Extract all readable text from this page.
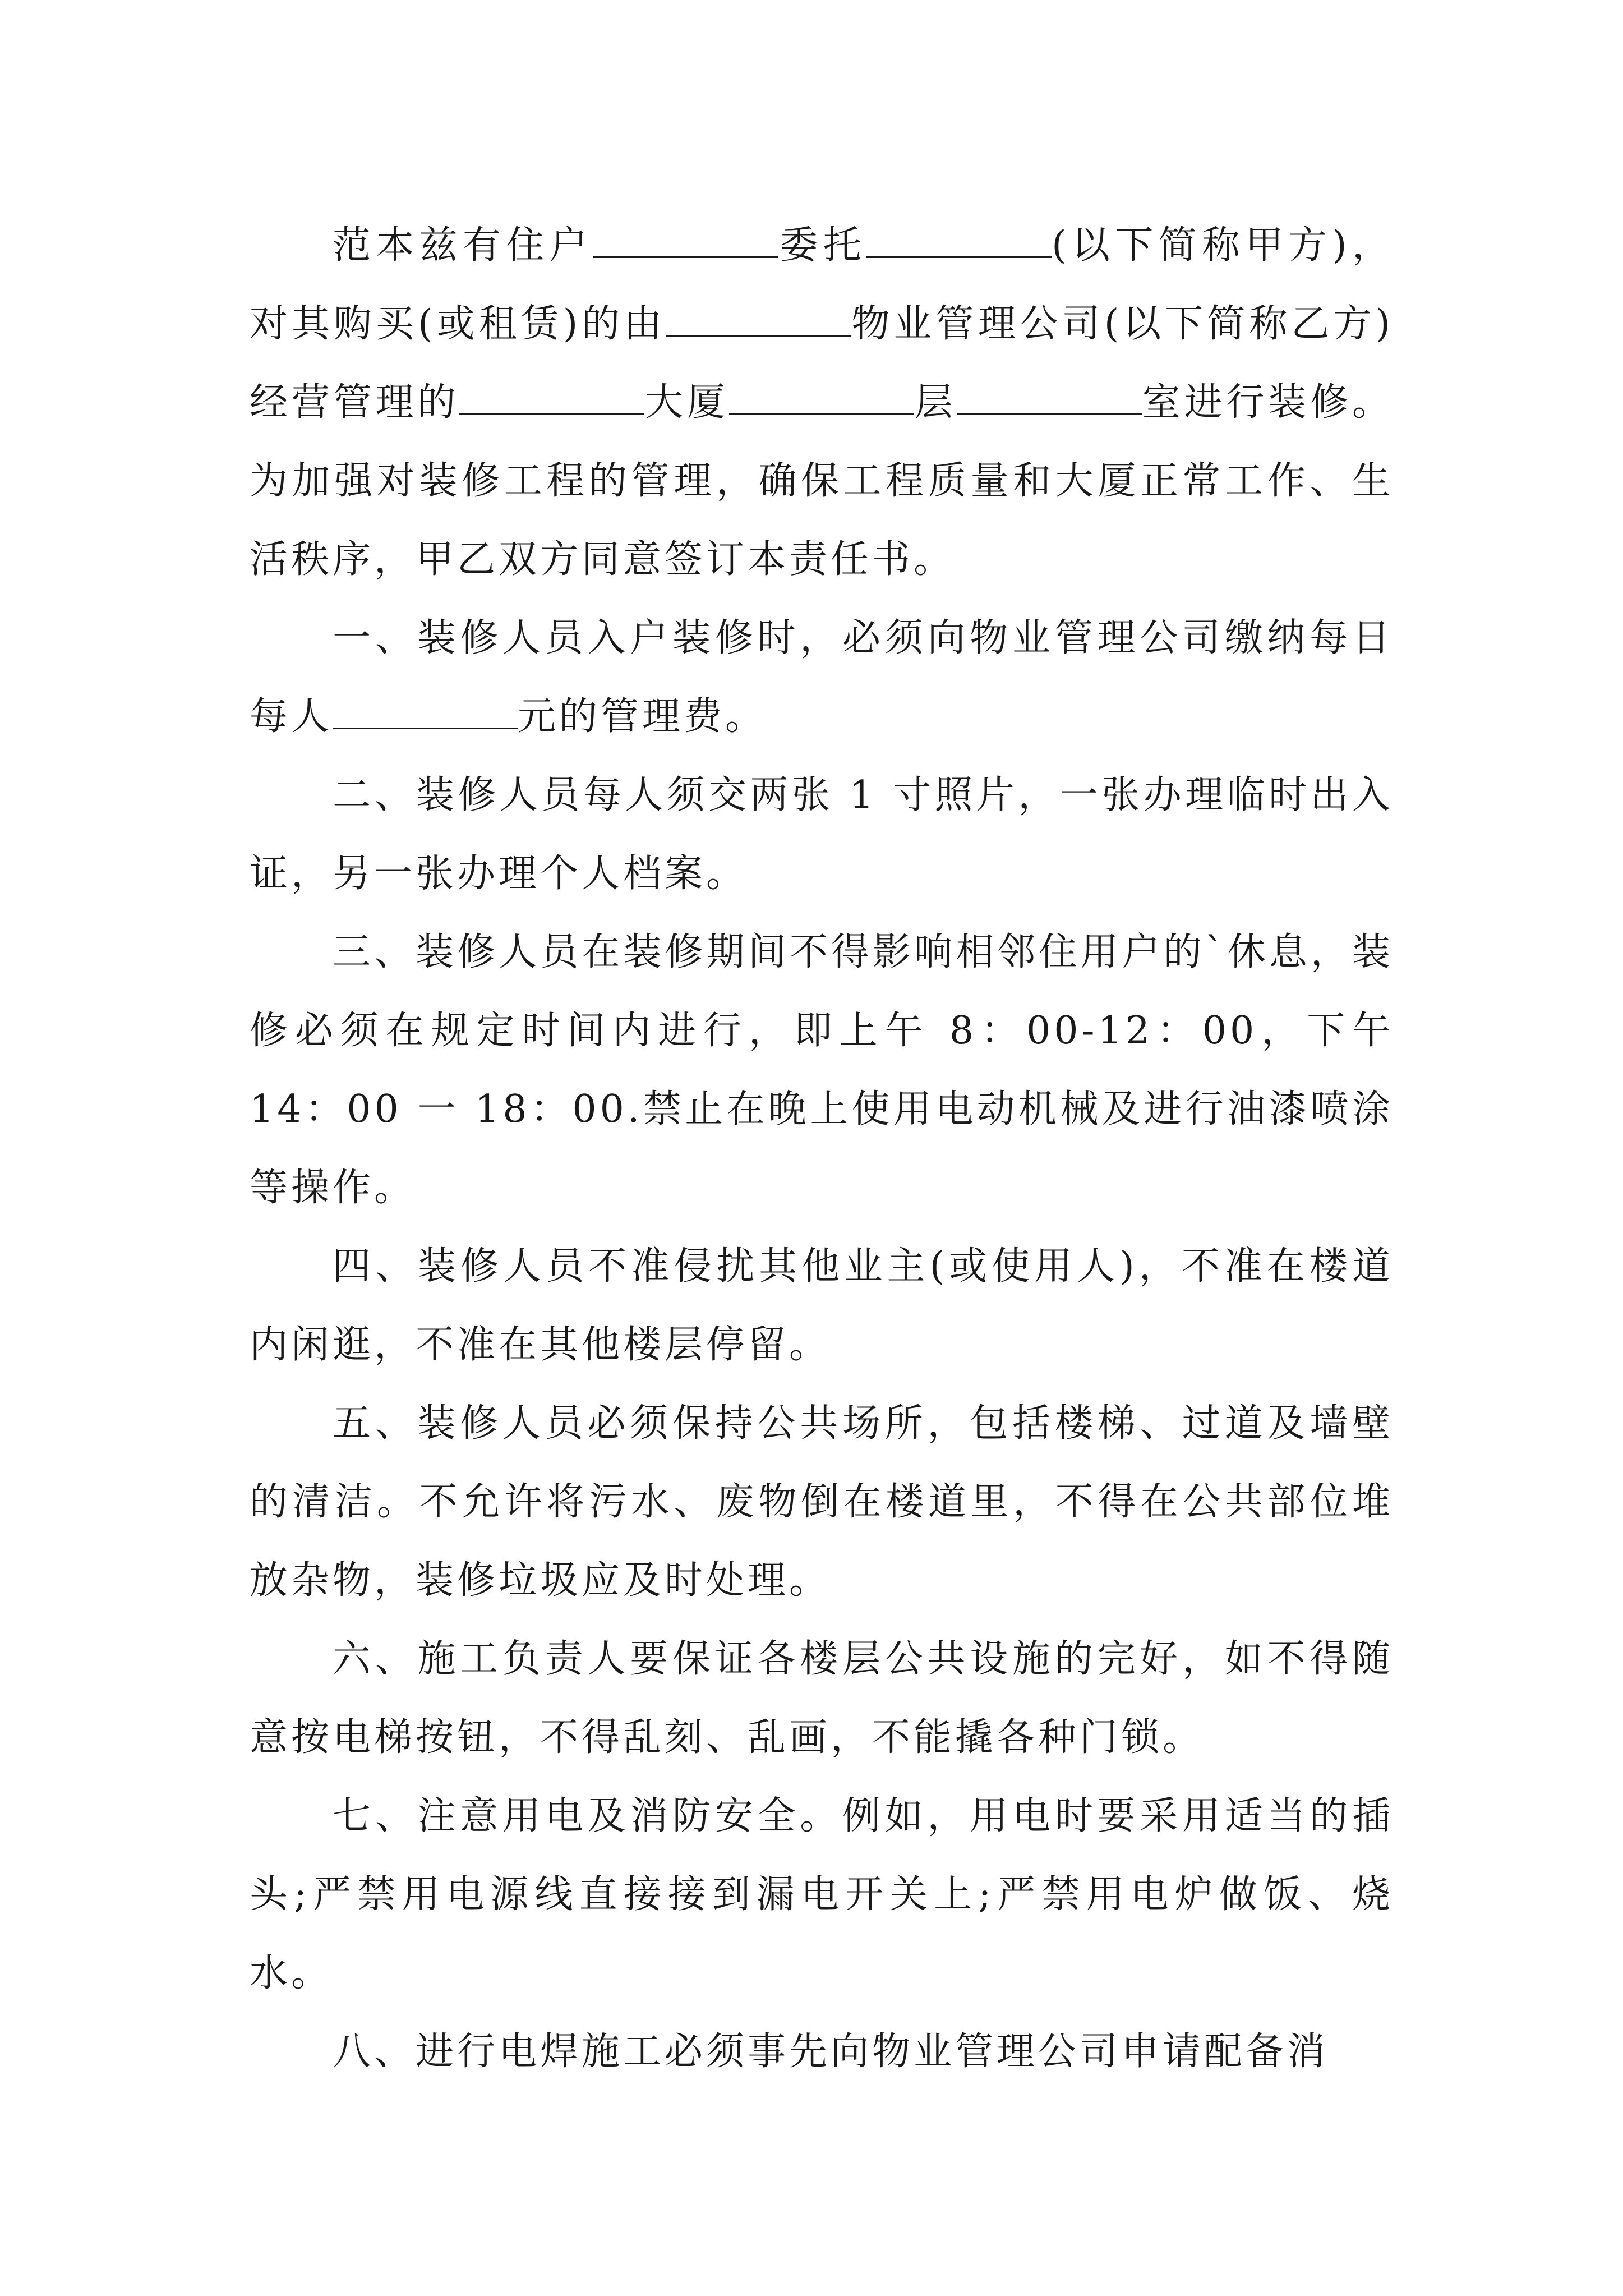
范本兹有住户	委托	(以下简称甲方)，对其购买(或租赁)的由	物业管理公司(以下简称乙方)经营管理的	大厦	层	室进行装修。为加强对装修工程的管理，确保工程质量和大厦正常工作、生活秩序，甲乙双方同意签订本责任书。

一、装修人员入户装修时，必须向物业管理公司缴纳每日每人	元的管理费。

二、装修人员每人须交两张 1 寸照片，一张办理临时出入证，另一张办理个人档案。

三、装修人员在装修期间不得影响相邻住用户的`休息，装修必须在规定时间内进行，即上午 8：00-12：00，下午 14：00 一 18：00.禁止在晚上使用电动机械及进行油漆喷涂等操作。

四、装修人员不准侵扰其他业主(或使用人)，不准在楼道内闲逛，不准在其他楼层停留。

五、装修人员必须保持公共场所，包括楼梯、过道及墙壁的清洁。不允许将污水、废物倒在楼道里，不得在公共部位堆放杂物，装修垃圾应及时处理。

六、施工负责人要保证各楼层公共设施的完好，如不得随意按电梯按钮，不得乱刻、乱画，不能撬各种门锁。

七、注意用电及消防安全。例如，用电时要采用适当的插头;严禁用电源线直接接到漏电开关上;严禁用电炉做饭、烧水。

八、进行电焊施工必须事先向物业管理公司申请配备消
